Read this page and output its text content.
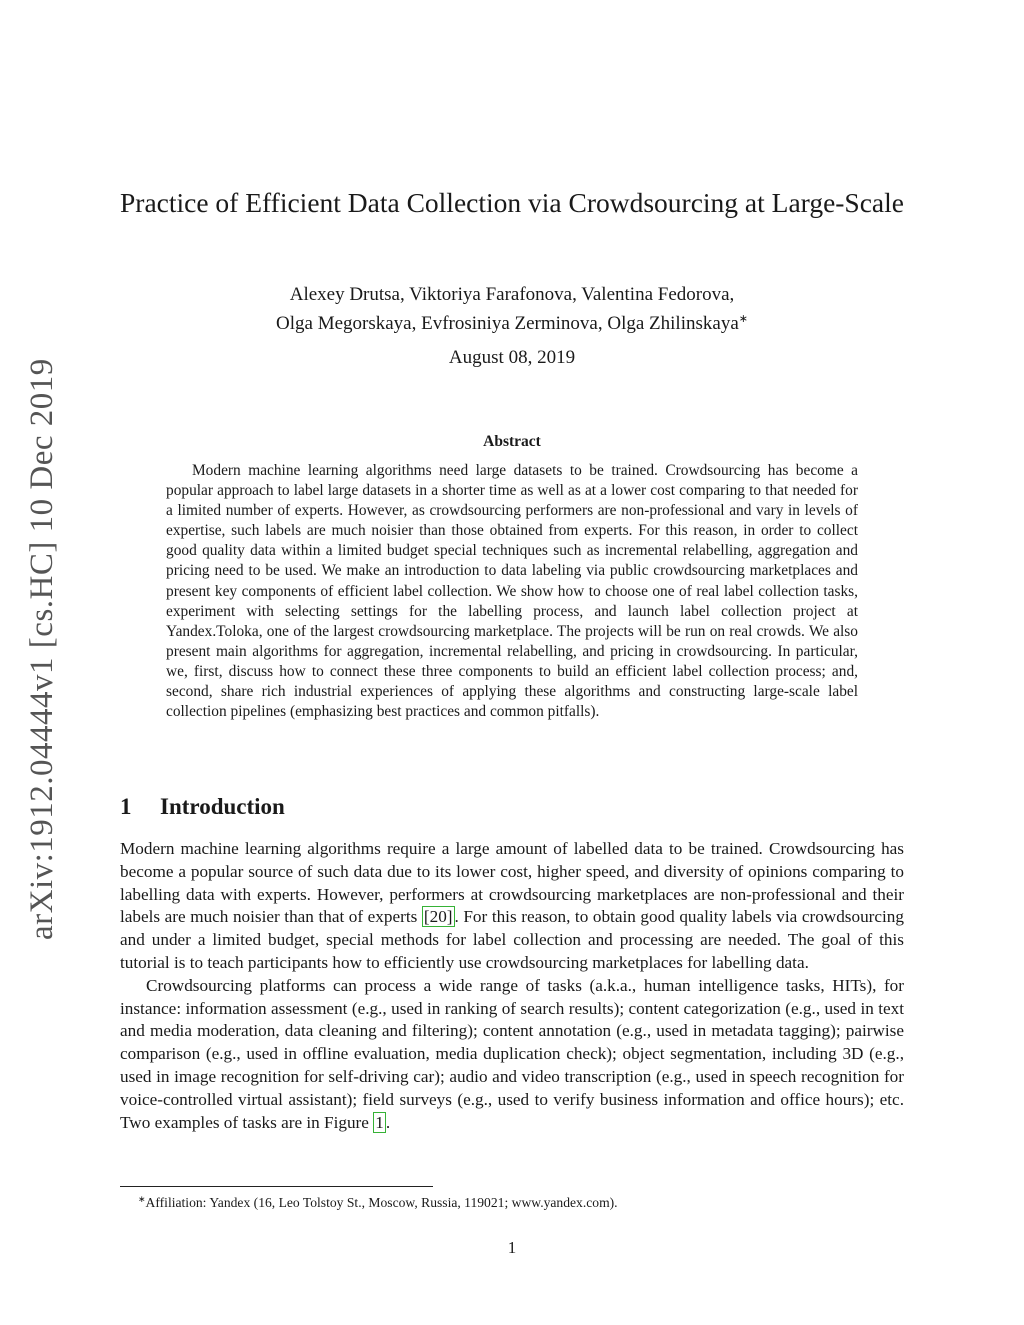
arXiv:1912.04444v1 [cs.HC] 10 Dec 2019
Practice of Efficient Data Collection via Crowdsourcing at Large-Scale
Alexey Drutsa, Viktoriya Farafonova, Valentina Fedorova,
Olga Megorskaya, Evfrosiniya Zerminova, Olga Zhilinskaya∗
August 08, 2019
Abstract
Modern machine learning algorithms need large datasets to be trained. Crowdsourcing has become a popular approach to label large datasets in a shorter time as well as at a lower cost comparing to that needed for a limited number of experts. However, as crowdsourcing performers are non-professional and vary in levels of expertise, such labels are much noisier than those obtained from experts. For this reason, in order to collect good quality data within a limited budget special techniques such as incremental relabelling, aggregation and pricing need to be used. We make an introduction to data labeling via public crowdsourcing marketplaces and present key components of efficient label collection. We show how to choose one of real label collection tasks, experiment with selecting settings for the labelling process, and launch label collection project at Yandex.Toloka, one of the largest crowdsourcing marketplace. The projects will be run on real crowds. We also present main algorithms for aggregation, incremental relabelling, and pricing in crowdsourcing. In particular, we, first, discuss how to connect these three components to build an efficient label collection process; and, second, share rich industrial experiences of applying these algorithms and constructing large-scale label collection pipelines (emphasizing best practices and common pitfalls).
1 Introduction

Modern machine learning algorithms require a large amount of labelled data to be trained. Crowdsourcing has become a popular source of such data due to its lower cost, higher speed, and diversity of opinions comparing to labelling data with experts. However, performers at crowdsourcing marketplaces are non-professional and their labels are much noisier than that of experts [20] . For this reason, to obtain good quality labels via crowdsourcing and under a limited budget, special methods for label collection and processing are needed. The goal of this tutorial is to teach participants how to efficiently use crowdsourcing marketplaces for labelling data.

Crowdsourcing platforms can process a wide range of tasks (a.k.a., human intelligence tasks, HITs), for instance: information assessment (e.g., used in ranking of search results); content categorization (e.g., used in text and media moderation, data cleaning and filtering); content annotation (e.g., used in metadata tagging); pairwise comparison (e.g., used in offline evaluation, media duplication check); object segmentation, including 3D (e.g., used in image recognition for self-driving car); audio and video transcription (e.g., used in speech recognition for voice-controlled virtual assistant); field surveys (e.g., used to verify business information and office hours); etc. Two examples of tasks are in Figure 1 .

∗Affiliation: Yandex (16, Leo Tolstoy St., Moscow, Russia, 119021; www.yandex.com).
1
